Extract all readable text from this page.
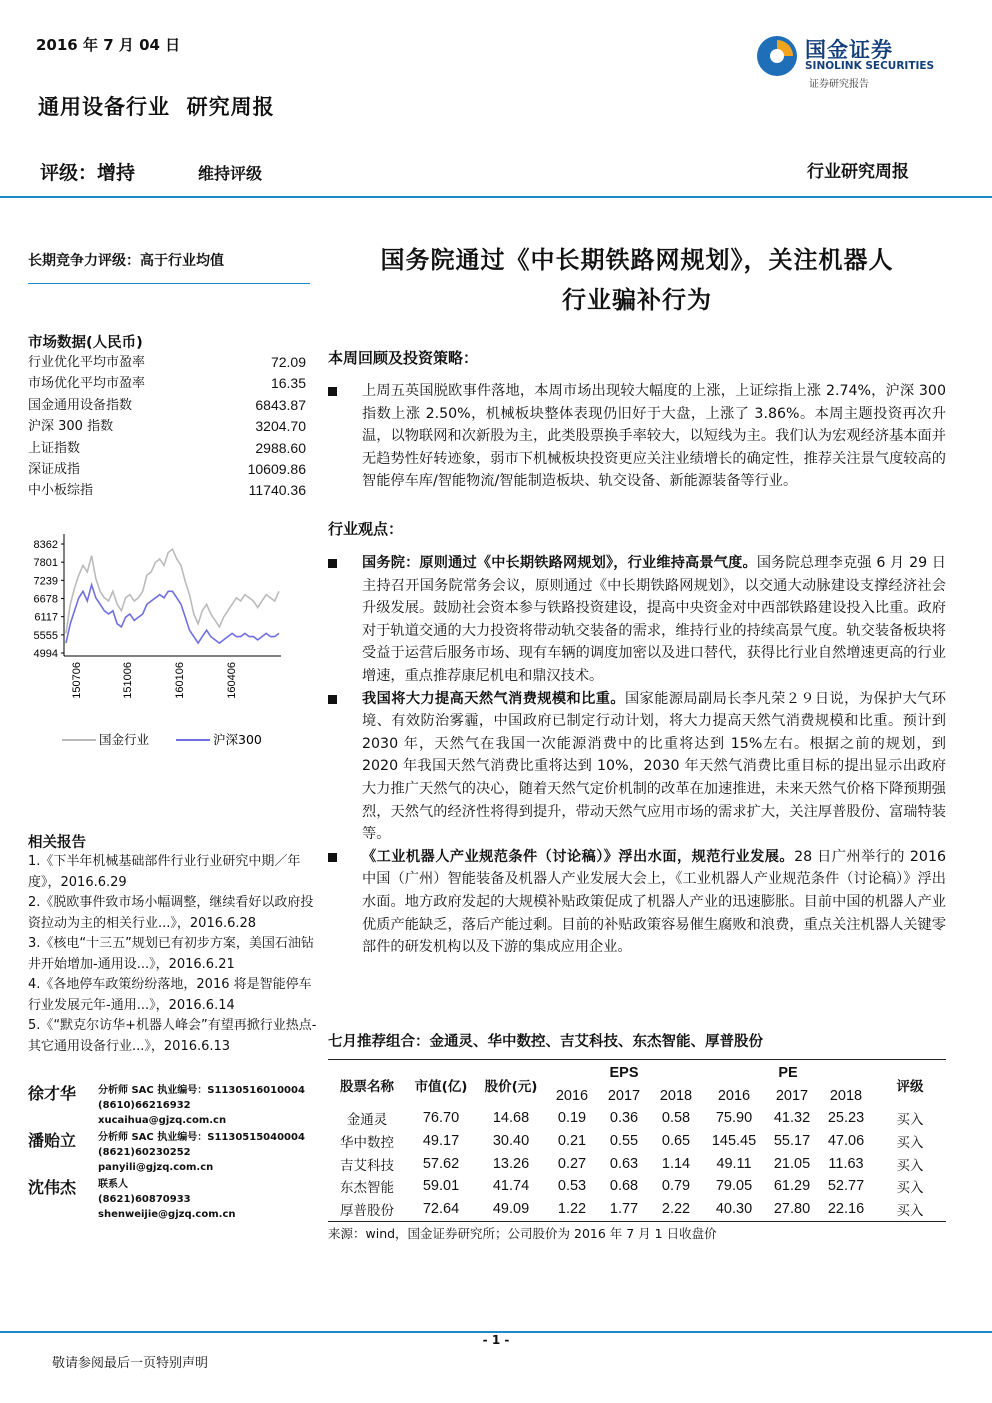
2016 年 7 月 04 日
通用设备行业  研究周报
国金证券
SINOLINK SECURITIES
证券研究报告
评级：增持	维持评级	行业研究周报
长期竞争力评级：高于行业均值
市场数据(人民币)
行业优化平均市盈率	72.09
市场优化平均市盈率	16.35
国金通用设备指数	6843.87
沪深 300 指数	3204.70
上证指数	2988.60
深证成指	10609.86
中小板综指	11740.36
8362
7801
7239
6678
6117
5555
4994
150706	151006	160106	160406
国金行业	沪深300
相关报告

1.《下半年机械基础部件行业行业研究中期／年度》，2016.6.29

2.《脱欧事件致市场小幅调整，继续看好以政府投资拉动为主的相关行业...》，2016.6.28

3.《核电“十三五”规划已有初步方案，美国石油钻井开始增加-通用设...》，2016.6.21

4.《各地停车政策纷纷落地，2016 将是智能停车行业发展元年-通用...》，2016.6.14

5.《“默克尔访华+机器人峰会”有望再掀行业热点-其它通用设备行业...》，2016.6.13

徐才华 分析师 SAC 执业编号：S1130516010004
(8610)66216932
xucaihua@gjzq.com.cn
潘贻立 分析师 SAC 执业编号：S1130515040004
(8621)60230252
panyili@gjzq.com.cn
沈伟杰 联系人
(8621)60870933
shenweijie@gjzq.com.cn
国务院通过《中长期铁路网规划》，关注机器人
行业骗补行为
本周回顾及投资策略：
上周五英国脱欧事件落地，本周市场出现较大幅度的上涨，上证综指上涨 2.74%，沪深 300 指数上涨 2.50%，机械板块整体表现仍旧好于大盘，上涨了 3.86%。本周主题投资再次升温，以物联网和次新股为主，此类股票换手率较大，以短线为主。我们认为宏观经济基本面并无趋势性好转迹象，弱市下机械板块投资更应关注业绩增长的确定性，推荐关注景气度较高的智能停车库/智能物流/智能制造板块、轨交设备、新能源装备等行业。
行业观点：
国务院：原则通过《中长期铁路网规划》，行业维持高景气度。国务院总理李克强 6 月 29 日主持召开国务院常务会议，原则通过《中长期铁路网规划》，以交通大动脉建设支撑经济社会升级发展。鼓励社会资本参与铁路投资建设，提高中央资金对中西部铁路建设投入比重。政府对于轨道交通的大力投资将带动轨交装备的需求，维持行业的持续高景气度。轨交装备板块将受益于运营后服务市场、现有车辆的调度加密以及进口替代，获得比行业自然增速更高的行业增速，重点推荐康尼机电和鼎汉技术。
我国将大力提高天然气消费规模和比重。国家能源局副局长李凡荣２９日说，为保护大气环境、有效防治雾霾，中国政府已制定行动计划，将大力提高天然气消费规模和比重。预计到 2030 年，天然气在我国一次能源消费中的比重将达到 15%左右。根据之前的规划，到 2020 年我国天然气消费比重将达到 10%，2030 年天然气消费比重目标的提出显示出政府大力推广天然气的决心，随着天然气定价机制的改革在加速推进，未来天然气价格下降预期强烈，天然气的经济性将得到提升，带动天然气应用市场的需求扩大，关注厚普股份、富瑞特装等。
《工业机器人产业规范条件（讨论稿）》浮出水面，规范行业发展。28 日广州举行的 2016 中国（广州）智能装备及机器人产业发展大会上，《工业机器人产业规范条件（讨论稿）》浮出水面。地方政府发起的大规模补贴政策促成了机器人产业的迅速膨胀。目前中国的机器人产业优质产能缺乏，落后产能过剩。目前的补贴政策容易催生腐败和浪费，重点关注机器人关键零部件的研发机构以及下游的集成应用企业。
七月推荐组合：金通灵、华中数控、吉艾科技、东杰智能、厚普股份
股票名称	市值(亿)	股价(元)	EPS			PE			评级
			2016	2017	2018	2016	2017	2018	
金通灵	76.70	14.68	0.19	0.36	0.58	75.90	41.32	25.23	买入
华中数控	49.17	30.40	0.21	0.55	0.65	145.45	55.17	47.06	买入
吉艾科技	57.62	13.26	0.27	0.63	1.14	49.11	21.05	11.63	买入
东杰智能	59.01	41.74	0.53	0.68	0.79	79.05	61.29	52.77	买入
厚普股份	72.64	49.09	1.22	1.77	2.22	40.30	27.80	22.16	买入
来源：wind，国金证券研究所；公司股价为 2016 年 7 月 1 日收盘价
- 1 -
敬请参阅最后一页特别声明
